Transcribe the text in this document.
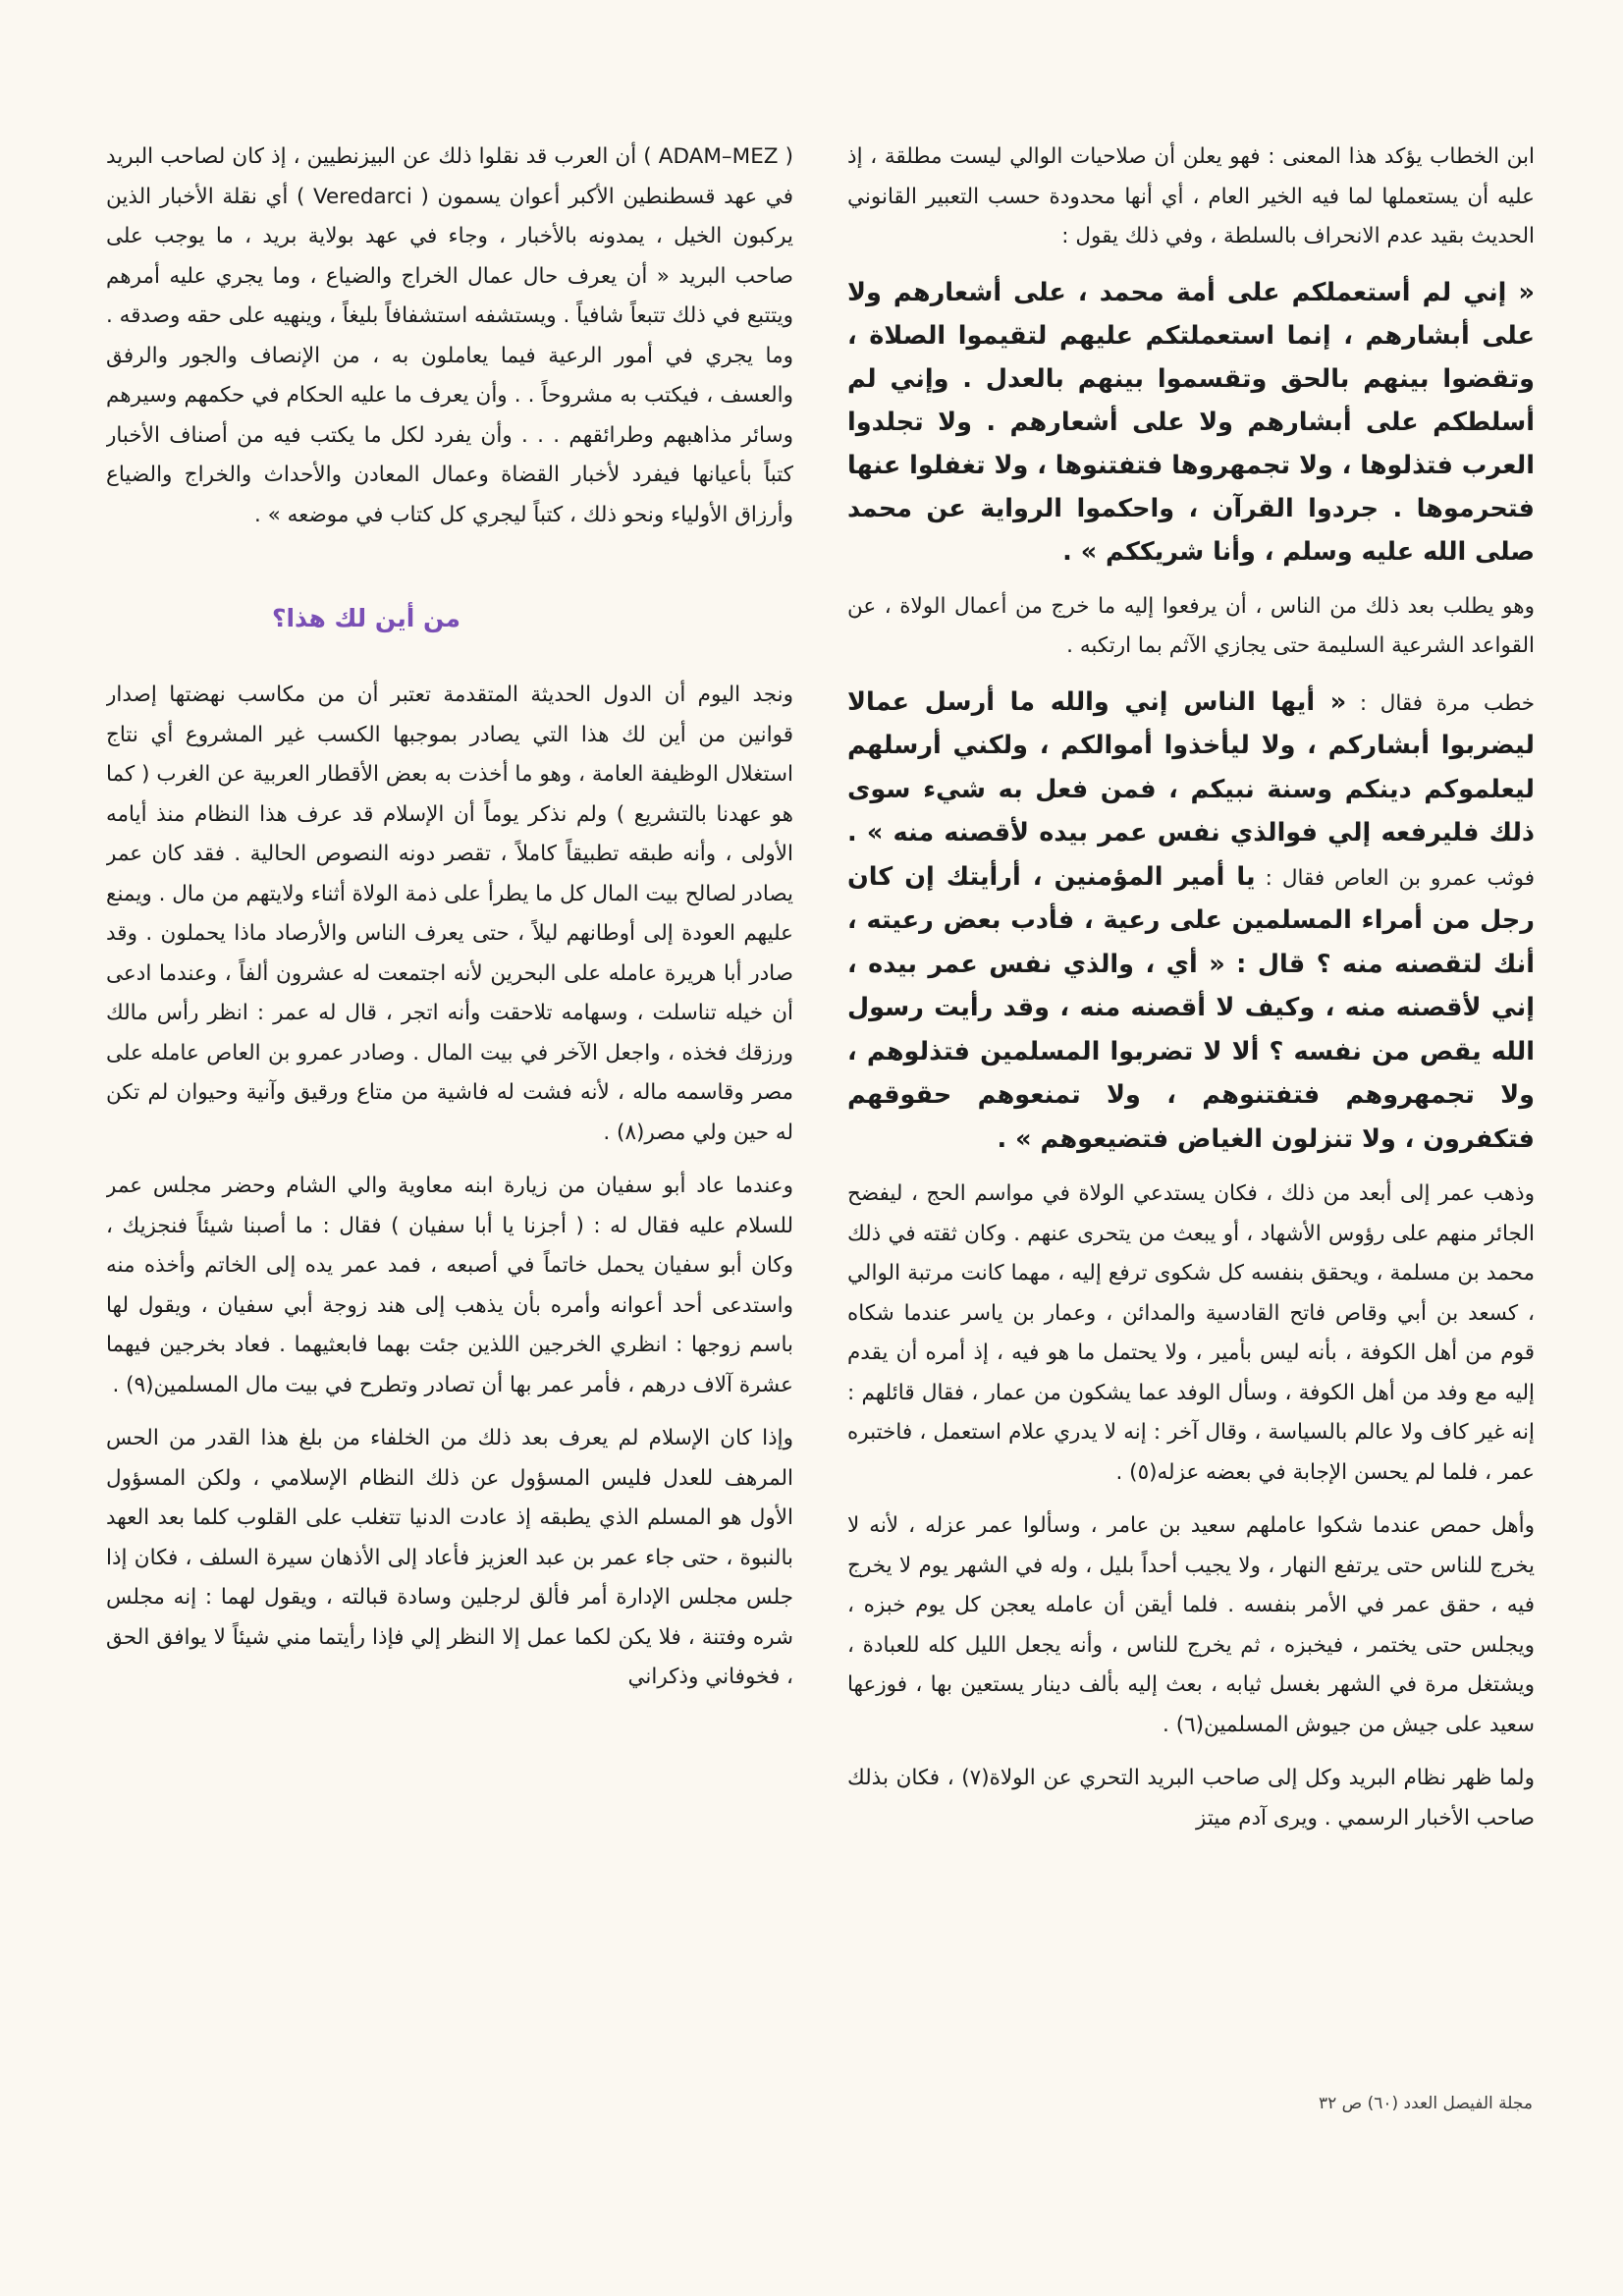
ابن الخطاب يؤكد هذا المعنى : فهو يعلن أن صلاحيات الوالي ليست مطلقة ، إذ عليه أن يستعملها لما فيه الخير العام ، أي أنها محدودة حسب التعبير القانوني الحديث بقيد عدم الانحراف بالسلطة ، وفي ذلك يقول :

« إني لم أستعملكم على أمة محمد ، على أشعارهم ولا على أبشارهم ، إنما استعملتكم عليهم لتقيموا الصلاة ، وتقضوا بينهم بالحق وتقسموا بينهم بالعدل . وإني لم أسلطكم على أبشارهم ولا على أشعارهم . ولا تجلدوا العرب فتذلوها ، ولا تجمهروها فتفتنوها ، ولا تغفلوا عنها فتحرموها . جردوا القرآن ، واحكموا الرواية عن محمد صلى الله عليه وسلم ، وأنا شريككم » .

وهو يطلب بعد ذلك من الناس ، أن يرفعوا إليه ما خرج من أعمال الولاة ، عن القواعد الشرعية السليمة حتى يجازي الآثم بما ارتكبه .

خطب مرة فقال : « أيها الناس إني والله ما أرسل عمالا ليضربوا أبشاركم ، ولا ليأخذوا أموالكم ، ولكني أرسلهم ليعلموكم دينكم وسنة نبيكم ، فمن فعل به شيء سوى ذلك فليرفعه إلي فوالذي نفس عمر بيده لأقصنه منه » . فوثب عمرو بن العاص فقال : يا أمير المؤمنين ، أرأيتك إن كان رجل من أمراء المسلمين على رعية ، فأدب بعض رعيته ، أنك لتقصنه منه ؟ قال : « أي ، والذي نفس عمر بيده ، إني لأقصنه منه ، وكيف لا أقصنه منه ، وقد رأيت رسول الله يقص من نفسه ؟ ألا لا تضربوا المسلمين فتذلوهم ، ولا تجمهروهم فتفتنوهم ، ولا تمنعوهم حقوقهم فتكفرون ، ولا تنزلون الغياض فتضيعوهم » .

وذهب عمر إلى أبعد من ذلك ، فكان يستدعي الولاة في مواسم الحج ، ليفضح الجائر منهم على رؤوس الأشهاد ، أو يبعث من يتحرى عنهم . وكان ثقته في ذلك محمد بن مسلمة ، ويحقق بنفسه كل شكوى ترفع إليه ، مهما كانت مرتبة الوالي ، كسعد بن أبي وقاص فاتح القادسية والمدائن ، وعمار بن ياسر عندما شكاه قوم من أهل الكوفة ، بأنه ليس بأمير ، ولا يحتمل ما هو فيه ، إذ أمره أن يقدم إليه مع وفد من أهل الكوفة ، وسأل الوفد عما يشكون من عمار ، فقال قائلهم : إنه غير كاف ولا عالم بالسياسة ، وقال آخر : إنه لا يدري علام استعمل ، فاختبره عمر ، فلما لم يحسن الإجابة في بعضه عزله(٥) .

وأهل حمص عندما شكوا عاملهم سعيد بن عامر ، وسألوا عمر عزله ، لأنه لا يخرج للناس حتى يرتفع النهار ، ولا يجيب أحداً بليل ، وله في الشهر يوم لا يخرج فيه ، حقق عمر في الأمر بنفسه . فلما أيقن أن عامله يعجن كل يوم خبزه ، ويجلس حتى يختمر ، فيخبزه ، ثم يخرج للناس ، وأنه يجعل الليل كله للعبادة ، ويشتغل مرة في الشهر بغسل ثيابه ، بعث إليه بألف دينار يستعين بها ، فوزعها سعيد على جيش من جيوش المسلمين(٦) .

ولما ظهر نظام البريد وكل إلى صاحب البريد التحري عن الولاة(٧) ، فكان بذلك صاحب الأخبار الرسمي . ويرى آدم ميتز

( ADAM–MEZ ) أن العرب قد نقلوا ذلك عن البيزنطيين ، إذ كان لصاحب البريد في عهد قسطنطين الأكبر أعوان يسمون ( Veredarci ) أي نقلة الأخبار الذين يركبون الخيل ، يمدونه بالأخبار ، وجاء في عهد بولاية بريد ، ما يوجب على صاحب البريد « أن يعرف حال عمال الخراج والضياع ، وما يجري عليه أمرهم ويتتبع في ذلك تتبعاً شافياً . ويستشفه استشفافاً بليغاً ، وينهيه على حقه وصدقه . وما يجري في أمور الرعية فيما يعاملون به ، من الإنصاف والجور والرفق والعسف ، فيكتب به مشروحاً . . وأن يعرف ما عليه الحكام في حكمهم وسيرهم وسائر مذاهبهم وطرائقهم . . . وأن يفرد لكل ما يكتب فيه من أصناف الأخبار كتباً بأعيانها فيفرد لأخبار القضاة وعمال المعادن والأحداث والخراج والضياع وأرزاق الأولياء ونحو ذلك ، كتباً ليجري كل كتاب في موضعه » .

من أين لك هذا؟

ونجد اليوم أن الدول الحديثة المتقدمة تعتبر أن من مكاسب نهضتها إصدار قوانين من أين لك هذا التي يصادر بموجبها الكسب غير المشروع أي نتاج استغلال الوظيفة العامة ، وهو ما أخذت به بعض الأقطار العربية عن الغرب ( كما هو عهدنا بالتشريع ) ولم نذكر يوماً أن الإسلام قد عرف هذا النظام منذ أيامه الأولى ، وأنه طبقه تطبيقاً كاملاً ، تقصر دونه النصوص الحالية . فقد كان عمر يصادر لصالح بيت المال كل ما يطرأ على ذمة الولاة أثناء ولايتهم من مال . ويمنع عليهم العودة إلى أوطانهم ليلاً ، حتى يعرف الناس والأرصاد ماذا يحملون . وقد صادر أبا هريرة عامله على البحرين لأنه اجتمعت له عشرون ألفاً ، وعندما ادعى أن خيله تناسلت ، وسهامه تلاحقت وأنه اتجر ، قال له عمر : انظر رأس مالك ورزقك فخذه ، واجعل الآخر في بيت المال . وصادر عمرو بن العاص عامله على مصر وقاسمه ماله ، لأنه فشت له فاشية من متاع ورقيق وآنية وحيوان لم تكن له حين ولي مصر(٨) .

وعندما عاد أبو سفيان من زيارة ابنه معاوية والي الشام وحضر مجلس عمر للسلام عليه فقال له : ( أجزنا يا أبا سفيان ) فقال : ما أصبنا شيئاً فنجزيك ، وكان أبو سفيان يحمل خاتماً في أصبعه ، فمد عمر يده إلى الخاتم وأخذه منه واستدعى أحد أعوانه وأمره بأن يذهب إلى هند زوجة أبي سفيان ، ويقول لها باسم زوجها : انظري الخرجين اللذين جئت بهما فابعثيهما . فعاد بخرجين فيهما عشرة آلاف درهم ، فأمر عمر بها أن تصادر وتطرح في بيت مال المسلمين(٩) .

وإذا كان الإسلام لم يعرف بعد ذلك من الخلفاء من بلغ هذا القدر من الحس المرهف للعدل فليس المسؤول عن ذلك النظام الإسلامي ، ولكن المسؤول الأول هو المسلم الذي يطبقه إذ عادت الدنيا تتغلب على القلوب كلما بعد العهد بالنبوة ، حتى جاء عمر بن عبد العزيز فأعاد إلى الأذهان سيرة السلف ، فكان إذا جلس مجلس الإدارة أمر فألق لرجلين وسادة قبالته ، ويقول لهما : إنه مجلس شره وفتنة ، فلا يكن لكما عمل إلا النظر إلي فإذا رأيتما مني شيئاً لا يوافق الحق ، فخوفاني وذكراني

مجلة الفيصل العدد (٦٠) ص ٣٢
